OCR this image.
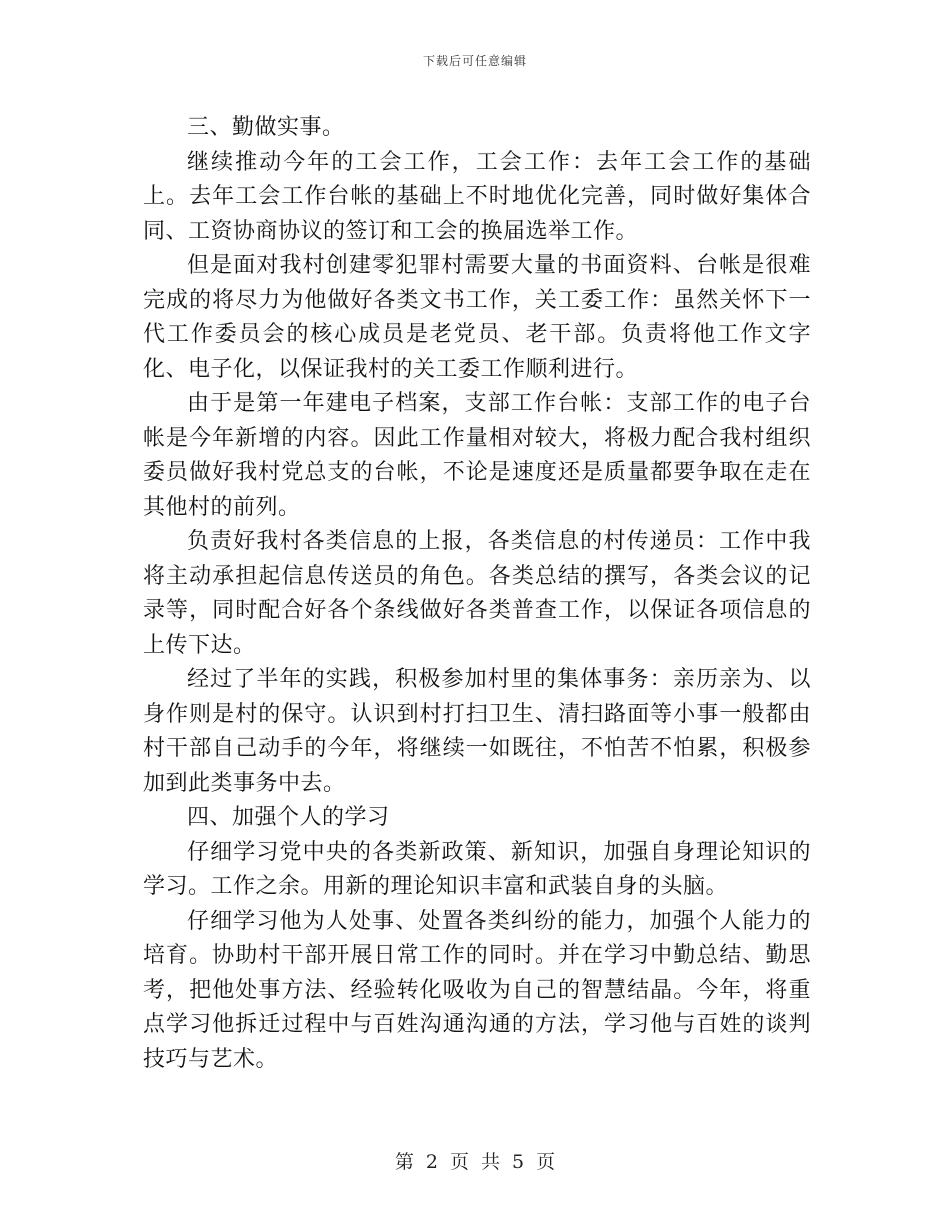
下载后可任意编辑

三、勤做实事。

继续推动今年的工会工作，工会工作：去年工会工作的基础上。去年工会工作台帐的基础上不时地优化完善，同时做好集体合同、工资协商协议的签订和工会的换届选举工作。

但是面对我村创建零犯罪村需要大量的书面资料、台帐是很难完成的将尽力为他做好各类文书工作，关工委工作：虽然关怀下一代工作委员会的核心成员是老党员、老干部。负责将他工作文字化、电子化，以保证我村的关工委工作顺利进行。

由于是第一年建电子档案，支部工作台帐：支部工作的电子台帐是今年新增的内容。因此工作量相对较大，将极力配合我村组织委员做好我村党总支的台帐，不论是速度还是质量都要争取在走在其他村的前列。

负责好我村各类信息的上报，各类信息的村传递员：工作中我将主动承担起信息传送员的角色。各类总结的撰写，各类会议的记录等，同时配合好各个条线做好各类普查工作，以保证各项信息的上传下达。

经过了半年的实践，积极参加村里的集体事务：亲历亲为、以身作则是村的保守。认识到村打扫卫生、清扫路面等小事一般都由村干部自己动手的今年，将继续一如既往，不怕苦不怕累，积极参加到此类事务中去。

四、加强个人的学习

仔细学习党中央的各类新政策、新知识，加强自身理论知识的学习。工作之余。用新的理论知识丰富和武装自身的头脑。

仔细学习他为人处事、处置各类纠纷的能力，加强个人能力的培育。协助村干部开展日常工作的同时。并在学习中勤总结、勤思考，把他处事方法、经验转化吸收为自己的智慧结晶。今年，将重点学习他拆迁过程中与百姓沟通沟通的方法，学习他与百姓的谈判技巧与艺术。

第 2 页 共 5 页
